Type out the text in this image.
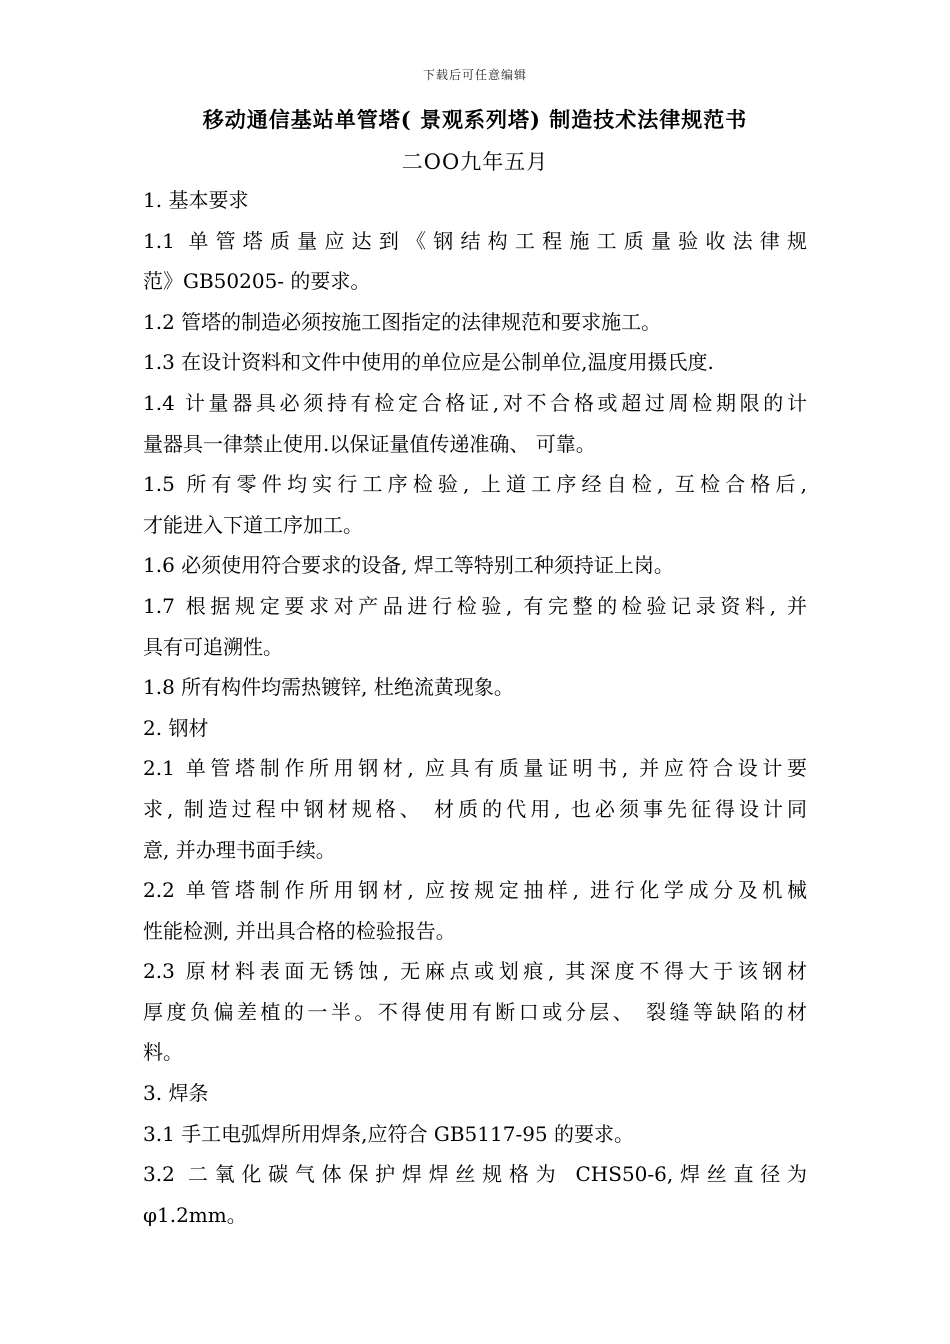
下载后可任意编辑
移动通信基站单管塔( 景观系列塔) 制造技术法律规范书
二OO九年五月
1. 基本要求
1.1 单管塔质量应达到《钢结构工程施工质量验收法律规
范》GB50205- 的要求。
1.2 管塔的制造必须按施工图指定的法律规范和要求施工。
1.3 在设计资料和文件中使用的单位应是公制单位,温度用摄氏度.
1.4 计量器具必须持有检定合格证,对不合格或超过周检期限的计
量器具一律禁止使用.以保证量值传递准确、 可靠。
1.5 所有零件均实行工序检验, 上道工序经自检, 互检合格后,
才能进入下道工序加工。
1.6 必须使用符合要求的设备, 焊工等特别工种须持证上岗。
1.7 根据规定要求对产品进行检验, 有完整的检验记录资料, 并
具有可追溯性。
1.8 所有构件均需热镀锌, 杜绝流黄现象。
2. 钢材
2.1 单管塔制作所用钢材, 应具有质量证明书, 并应符合设计要
求, 制造过程中钢材规格、 材质的代用, 也必须事先征得设计同
意, 并办理书面手续。
2.2 单管塔制作所用钢材, 应按规定抽样, 进行化学成分及机械
性能检测, 并出具合格的检验报告。
2.3 原材料表面无锈蚀, 无麻点或划痕, 其深度不得大于该钢材
厚度负偏差植的一半。不得使用有断口或分层、 裂缝等缺陷的材
料。
3. 焊条
3.1 手工电弧焊所用焊条,应符合 GB5117-95 的要求。
3.2 二氧化碳气体保护焊焊丝规格为 CHS50-6,焊丝直径为
φ1.2mm。
